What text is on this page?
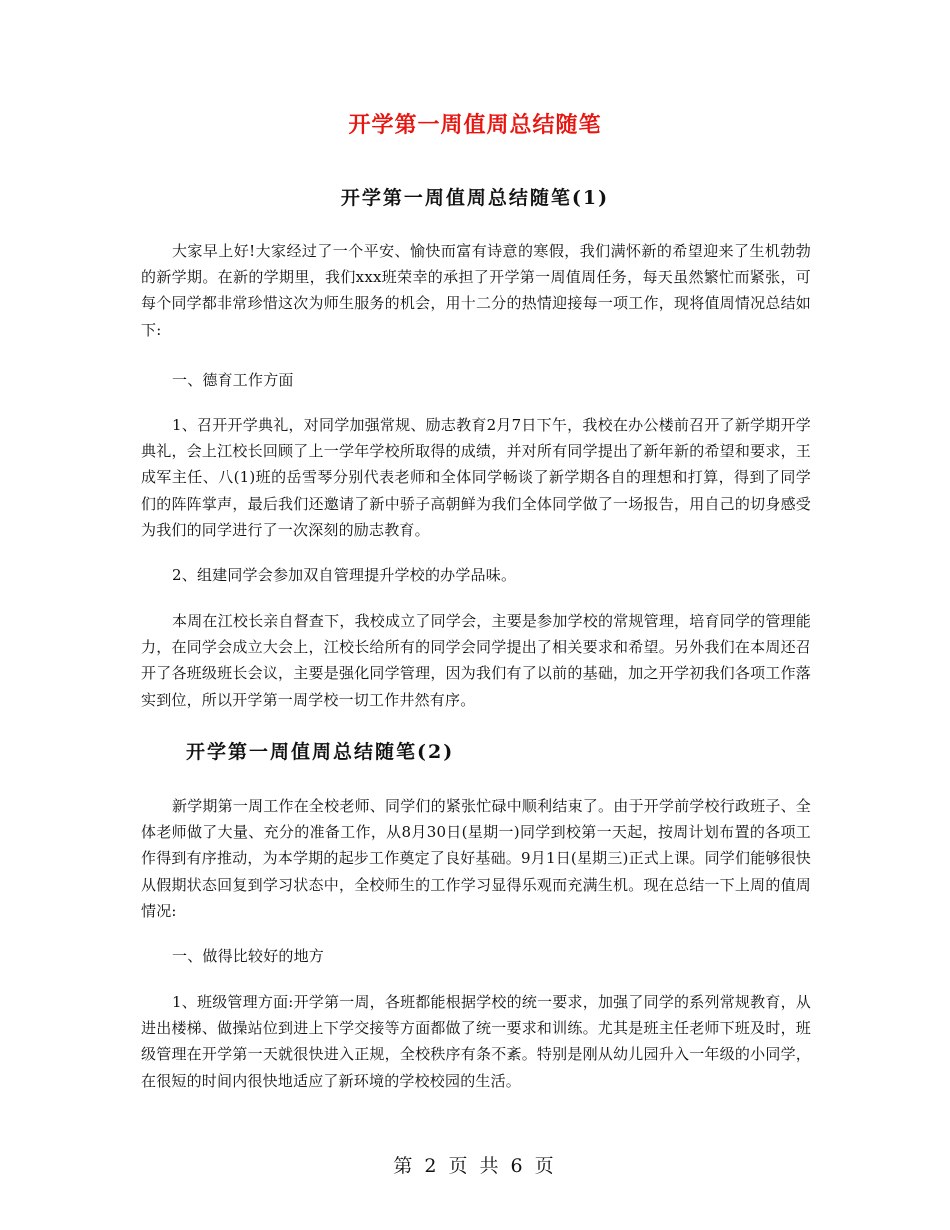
开学第一周值周总结随笔
开学第一周值周总结随笔(1)

大家早上好!大家经过了一个平安、愉快而富有诗意的寒假，我们满怀新的希望迎来了生机勃勃的新学期。在新的学期里，我们xxx班荣幸的承担了开学第一周值周任务，每天虽然繁忙而紧张，可每个同学都非常珍惜这次为师生服务的机会，用十二分的热情迎接每一项工作，现将值周情况总结如下:

一、德育工作方面

1、召开开学典礼，对同学加强常规、励志教育2月7日下午，我校在办公楼前召开了新学期开学典礼，会上江校长回顾了上一学年学校所取得的成绩，并对所有同学提出了新年新的希望和要求，王成军主任、八(1)班的岳雪琴分别代表老师和全体同学畅谈了新学期各自的理想和打算，得到了同学们的阵阵掌声，最后我们还邀请了新中骄子高朝鲜为我们全体同学做了一场报告，用自己的切身感受为我们的同学进行了一次深刻的励志教育。

2、组建同学会参加双自管理提升学校的办学品味。

本周在江校长亲自督查下，我校成立了同学会，主要是参加学校的常规管理，培育同学的管理能力，在同学会成立大会上，江校长给所有的同学会同学提出了相关要求和希望。另外我们在本周还召开了各班级班长会议，主要是强化同学管理，因为我们有了以前的基础，加之开学初我们各项工作落实到位，所以开学第一周学校一切工作井然有序。

开学第一周值周总结随笔(2)

新学期第一周工作在全校老师、同学们的紧张忙碌中顺利结束了。由于开学前学校行政班子、全体老师做了大量、充分的准备工作，从8月30日(星期一)同学到校第一天起，按周计划布置的各项工作得到有序推动，为本学期的起步工作奠定了良好基础。9月1日(星期三)正式上课。同学们能够很快从假期状态回复到学习状态中，全校师生的工作学习显得乐观而充满生机。现在总结一下上周的值周情况:

一、做得比较好的地方

1、班级管理方面:开学第一周，各班都能根据学校的统一要求，加强了同学的系列常规教育，从进出楼梯、做操站位到进上下学交接等方面都做了统一要求和训练。尤其是班主任老师下班及时，班级管理在开学第一天就很快进入正规，全校秩序有条不紊。特别是刚从幼儿园升入一年级的小同学，在很短的时间内很快地适应了新环境的学校校园的生活。

第 2 页 共 6 页
